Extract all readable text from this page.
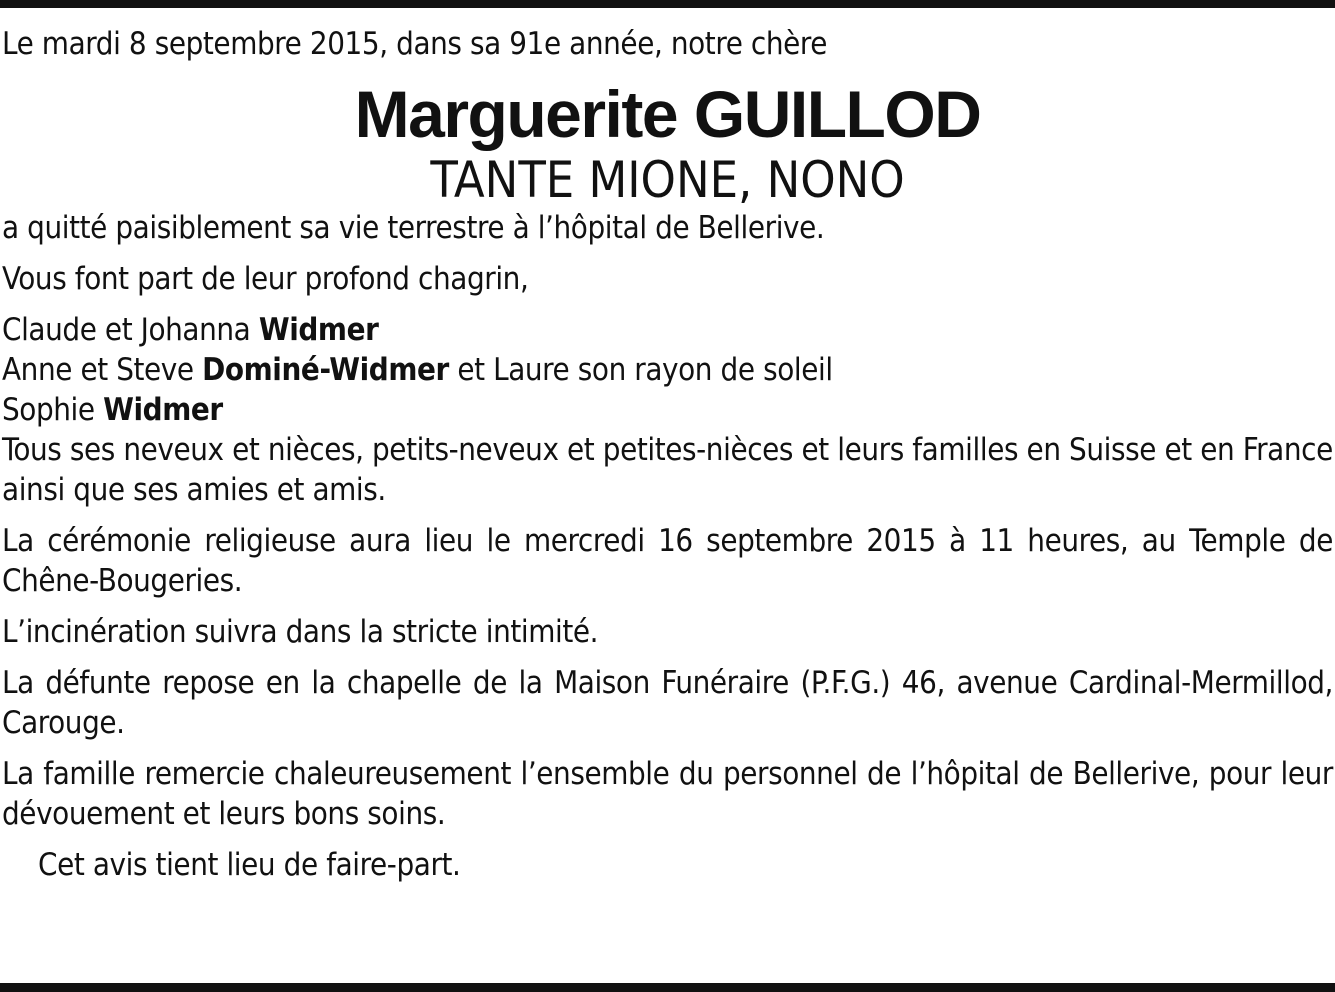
Le mardi 8 septembre 2015, dans sa 91e année, notre chère

Marguerite GUILLOD
TANTE MIONE, NONO

a quitté paisiblement sa vie terrestre à l’hôpital de Bellerive.

Vous font part de leur profond chagrin,

Claude et Johanna Widmer
Anne et Steve Dominé-Widmer et Laure son rayon de soleil
Sophie Widmer

Tous ses neveux et nièces, petits-neveux et petites-nièces et leurs familles en Suisse et en France

ainsi que ses amies et amis.

La cérémonie religieuse aura lieu le mercredi 16 septembre 2015 à 11 heures, au Temple de Chêne-Bougeries.

L’incinération suivra dans la stricte intimité.

La défunte repose en la chapelle de la Maison Funéraire (P.F.G.) 46, avenue Cardinal-Mermillod, Carouge.

La famille remercie chaleureusement l’ensemble du personnel de l’hôpital de Bellerive, pour leur dévouement et leurs bons soins.

Cet avis tient lieu de faire-part.
